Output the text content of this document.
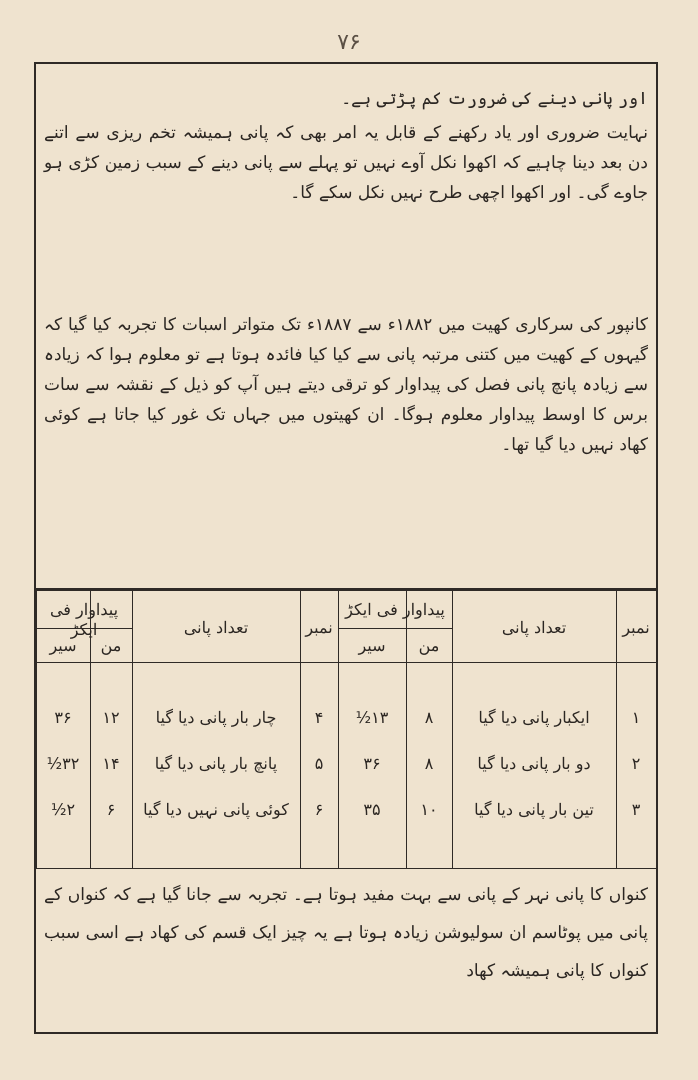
۷۶
اور پانی دینے کی ضرورت کم پڑتی ہے۔
نہایت ضروری اور یاد رکھنے کے قابل یہ امر بھی کہ پانی ہمیشہ تخم ریزی سے اتنے دن بعد دینا چاہیے کہ اکھوا نکل آوے نہیں تو پہلے سے پانی دینے کے سبب زمین کڑی ہو جاوے گی۔ اور اکھوا اچھی طرح نہیں نکل سکے گا۔
کانپور کی سرکاری کھیت میں ۱۸۸۲ء سے ۱۸۸۷ء تک متواتر اسبات کا تجربہ کیا گیا کہ گیہوں کے کھیت میں کتنی مرتبہ پانی سے کیا کیا فائدہ ہوتا ہے تو معلوم ہوا کہ زیادہ سے زیادہ پانچ پانی فصل کی پیداوار کو ترقی دیتے ہیں آپ کو ذیل کے نقشہ سے سات برس کا اوسط پیداوار معلوم ہوگا۔ ان کھیتوں میں جہاں تک غور کیا جاتا ہے کوئی کھاد نہیں دیا گیا تھا۔
نمبر
تعداد پانی
پیداوار فی ایکڑ
من
سیر
نمبر
تعداد پانی
پیداوار فی ایکڑ
من
سیر
۱
ایکبار پانی دیا گیا
۸
۱۳½
۲
دو بار پانی دیا گیا
۸
۳۶
۳
تین بار پانی دیا گیا
۱۰
۳۵
۴
چار بار پانی دیا گیا
۱۲
۳۶
۵
پانچ بار پانی دیا گیا
۱۴
۳۲½
۶
کوئی پانی نہیں دیا گیا
۶
۲½
کنواں کا پانی نہر کے پانی سے بہت مفید ہوتا ہے۔ تجربہ سے جانا گیا ہے کہ کنواں کے پانی میں پوٹاسم ان سولیوشن زیادہ ہوتا ہے یہ چیز ایک قسم کی کھاد ہے اسی سبب کنواں کا پانی ہمیشہ کھاد
